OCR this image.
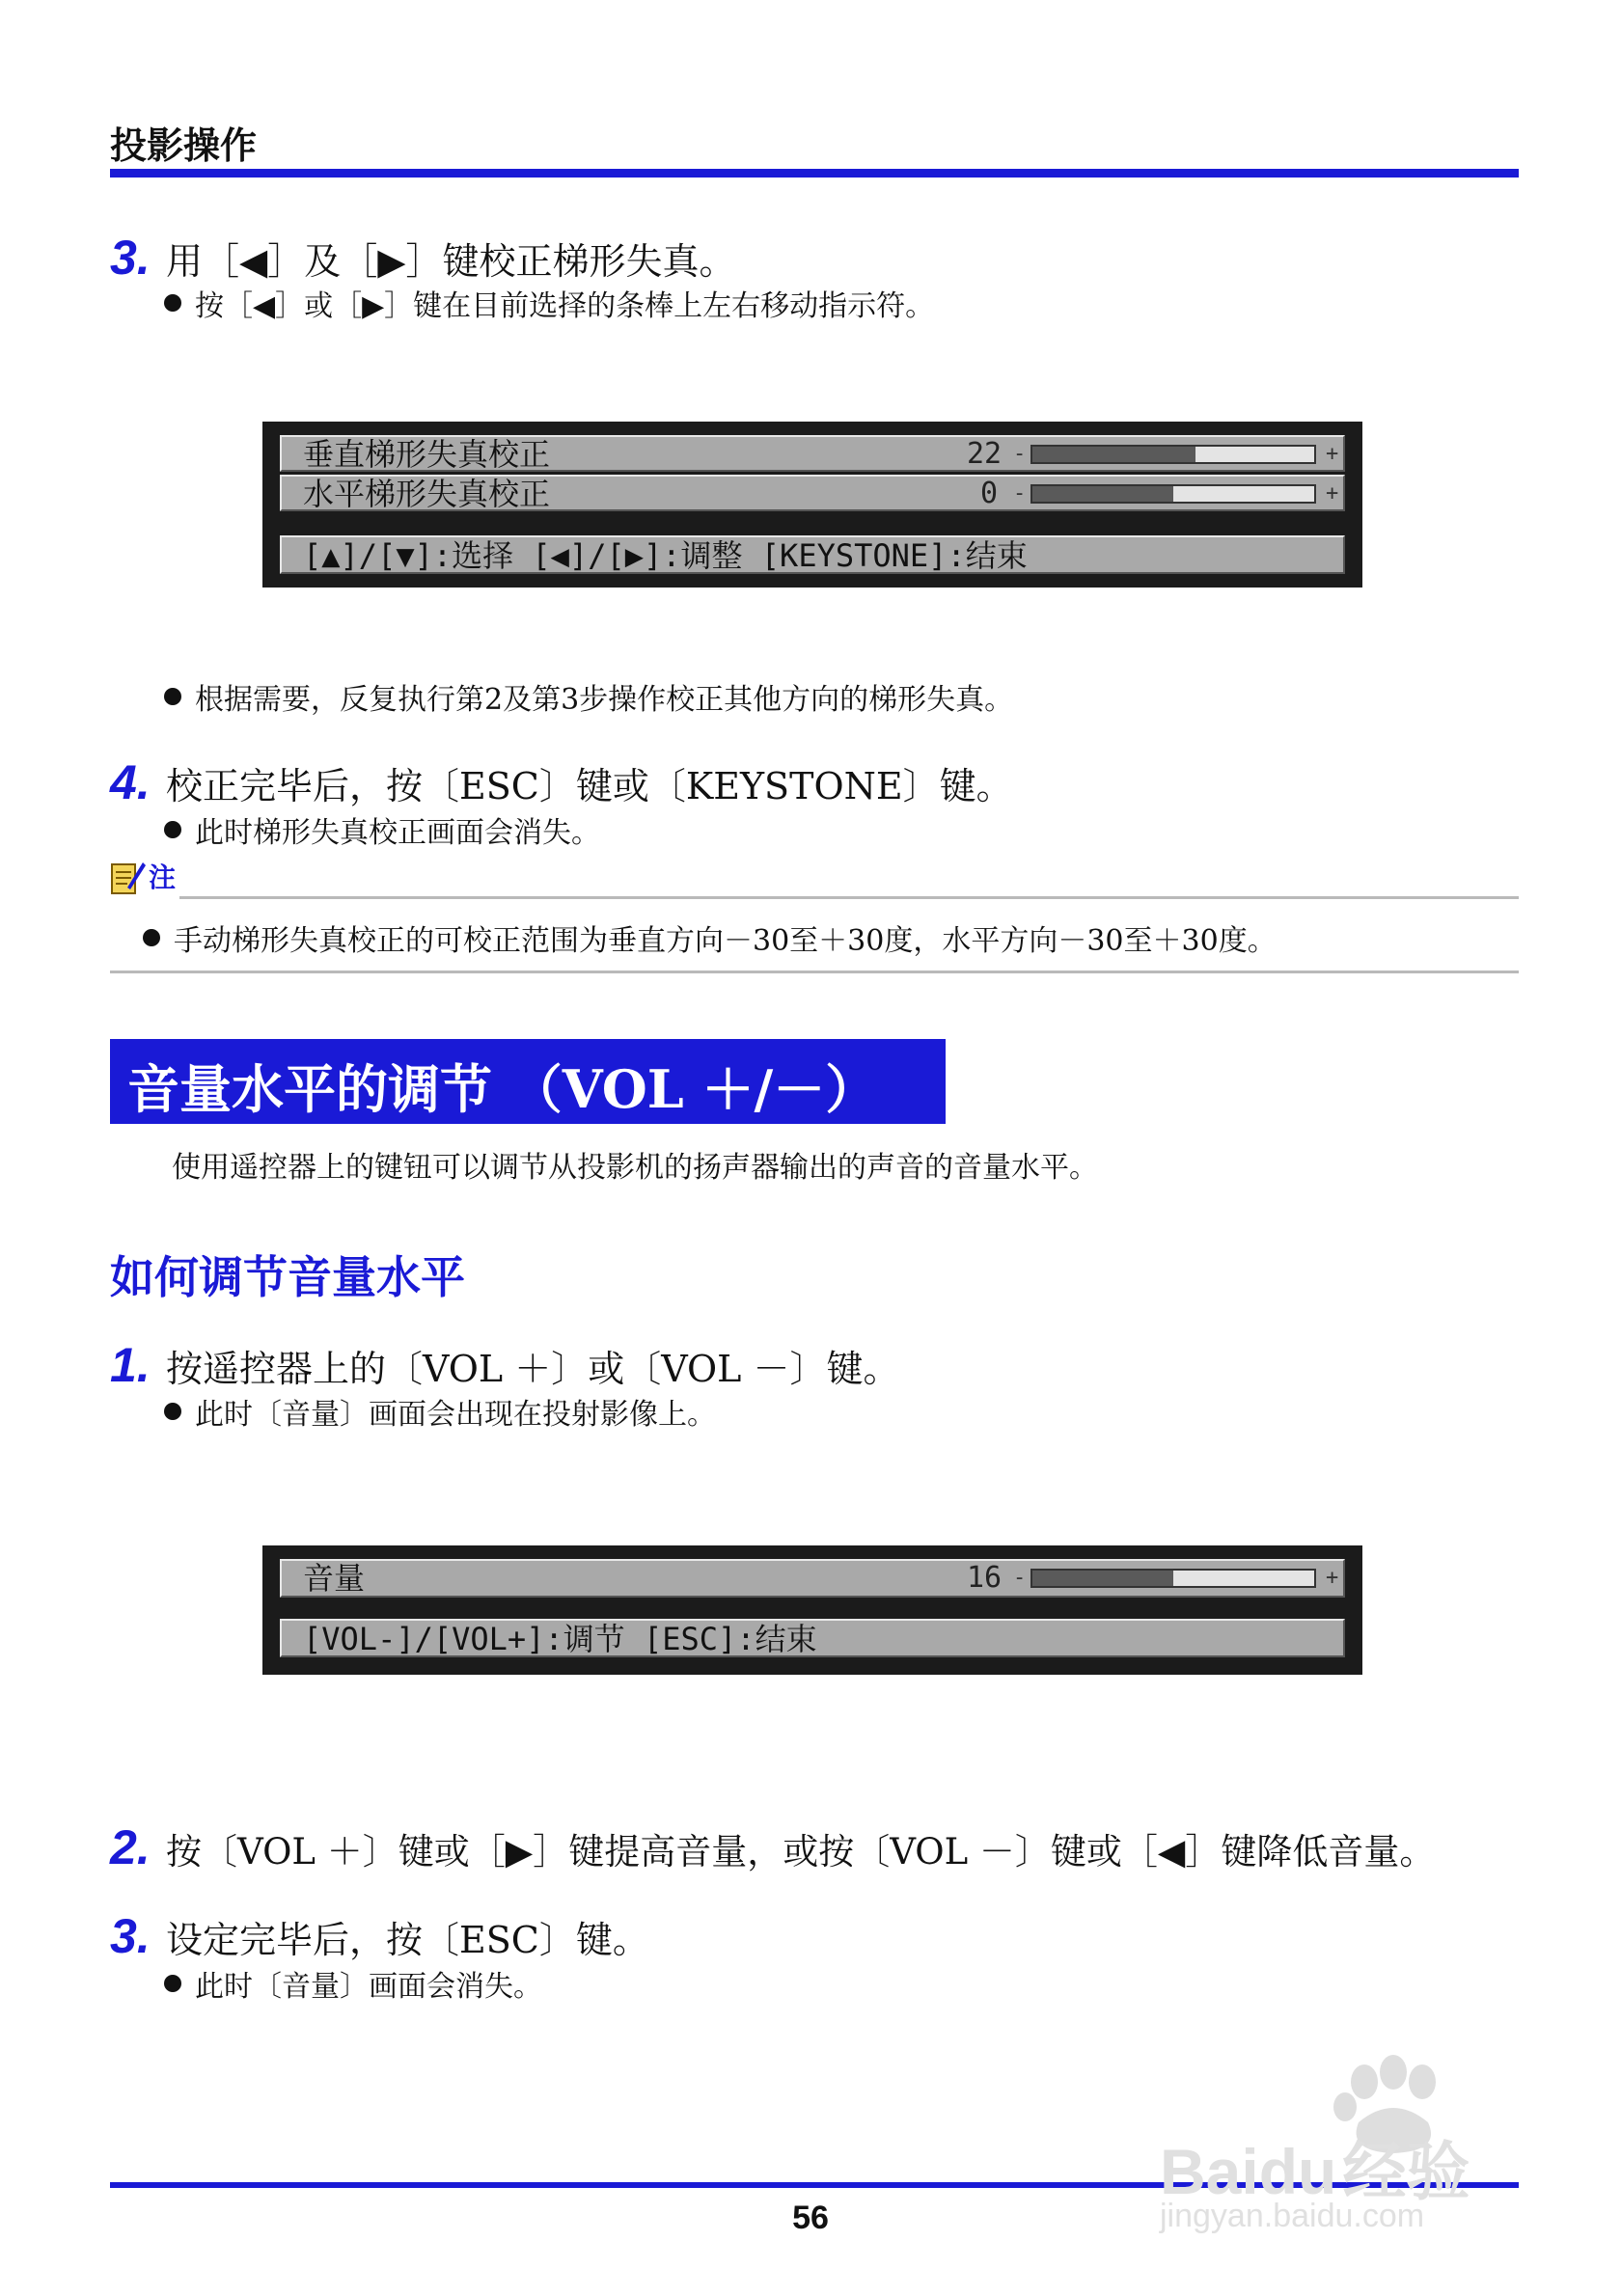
投影操作
3. 用［◀］及［▶］键校正梯形失真。
按［◀］或［▶］键在目前选择的条棒上左右移动指示符。
垂直梯形失真校正	22 -	+
水平梯形失真校正	0 -	+
[▲]/[▼]:选择 [◀]/[▶]:调整 [KEYSTONE]:结束
根据需要，反复执行第2及第3步操作校正其他方向的梯形失真。
4. 校正完毕后，按〔ESC〕键或〔KEYSTONE〕键。
此时梯形失真校正画面会消失。
注
手动梯形失真校正的可校正范围为垂直方向－30至＋30度，水平方向－30至＋30度。
音量水平的调节 （VOL ＋/－）
使用遥控器上的键钮可以调节从投影机的扬声器输出的声音的音量水平。
如何调节音量水平
1. 按遥控器上的〔VOL ＋〕或〔VOL －〕键。
此时〔音量〕画面会出现在投射影像上。
音量	16 -	+
[VOL-]/[VOL+]:调节 [ESC]:结束
2. 按〔VOL ＋〕键或［▶］键提高音量，或按〔VOL －〕键或［◀］键降低音量。
3. 设定完毕后，按〔ESC〕键。
此时〔音量〕画面会消失。
56
Baidu经验
jingyan.baidu.com
